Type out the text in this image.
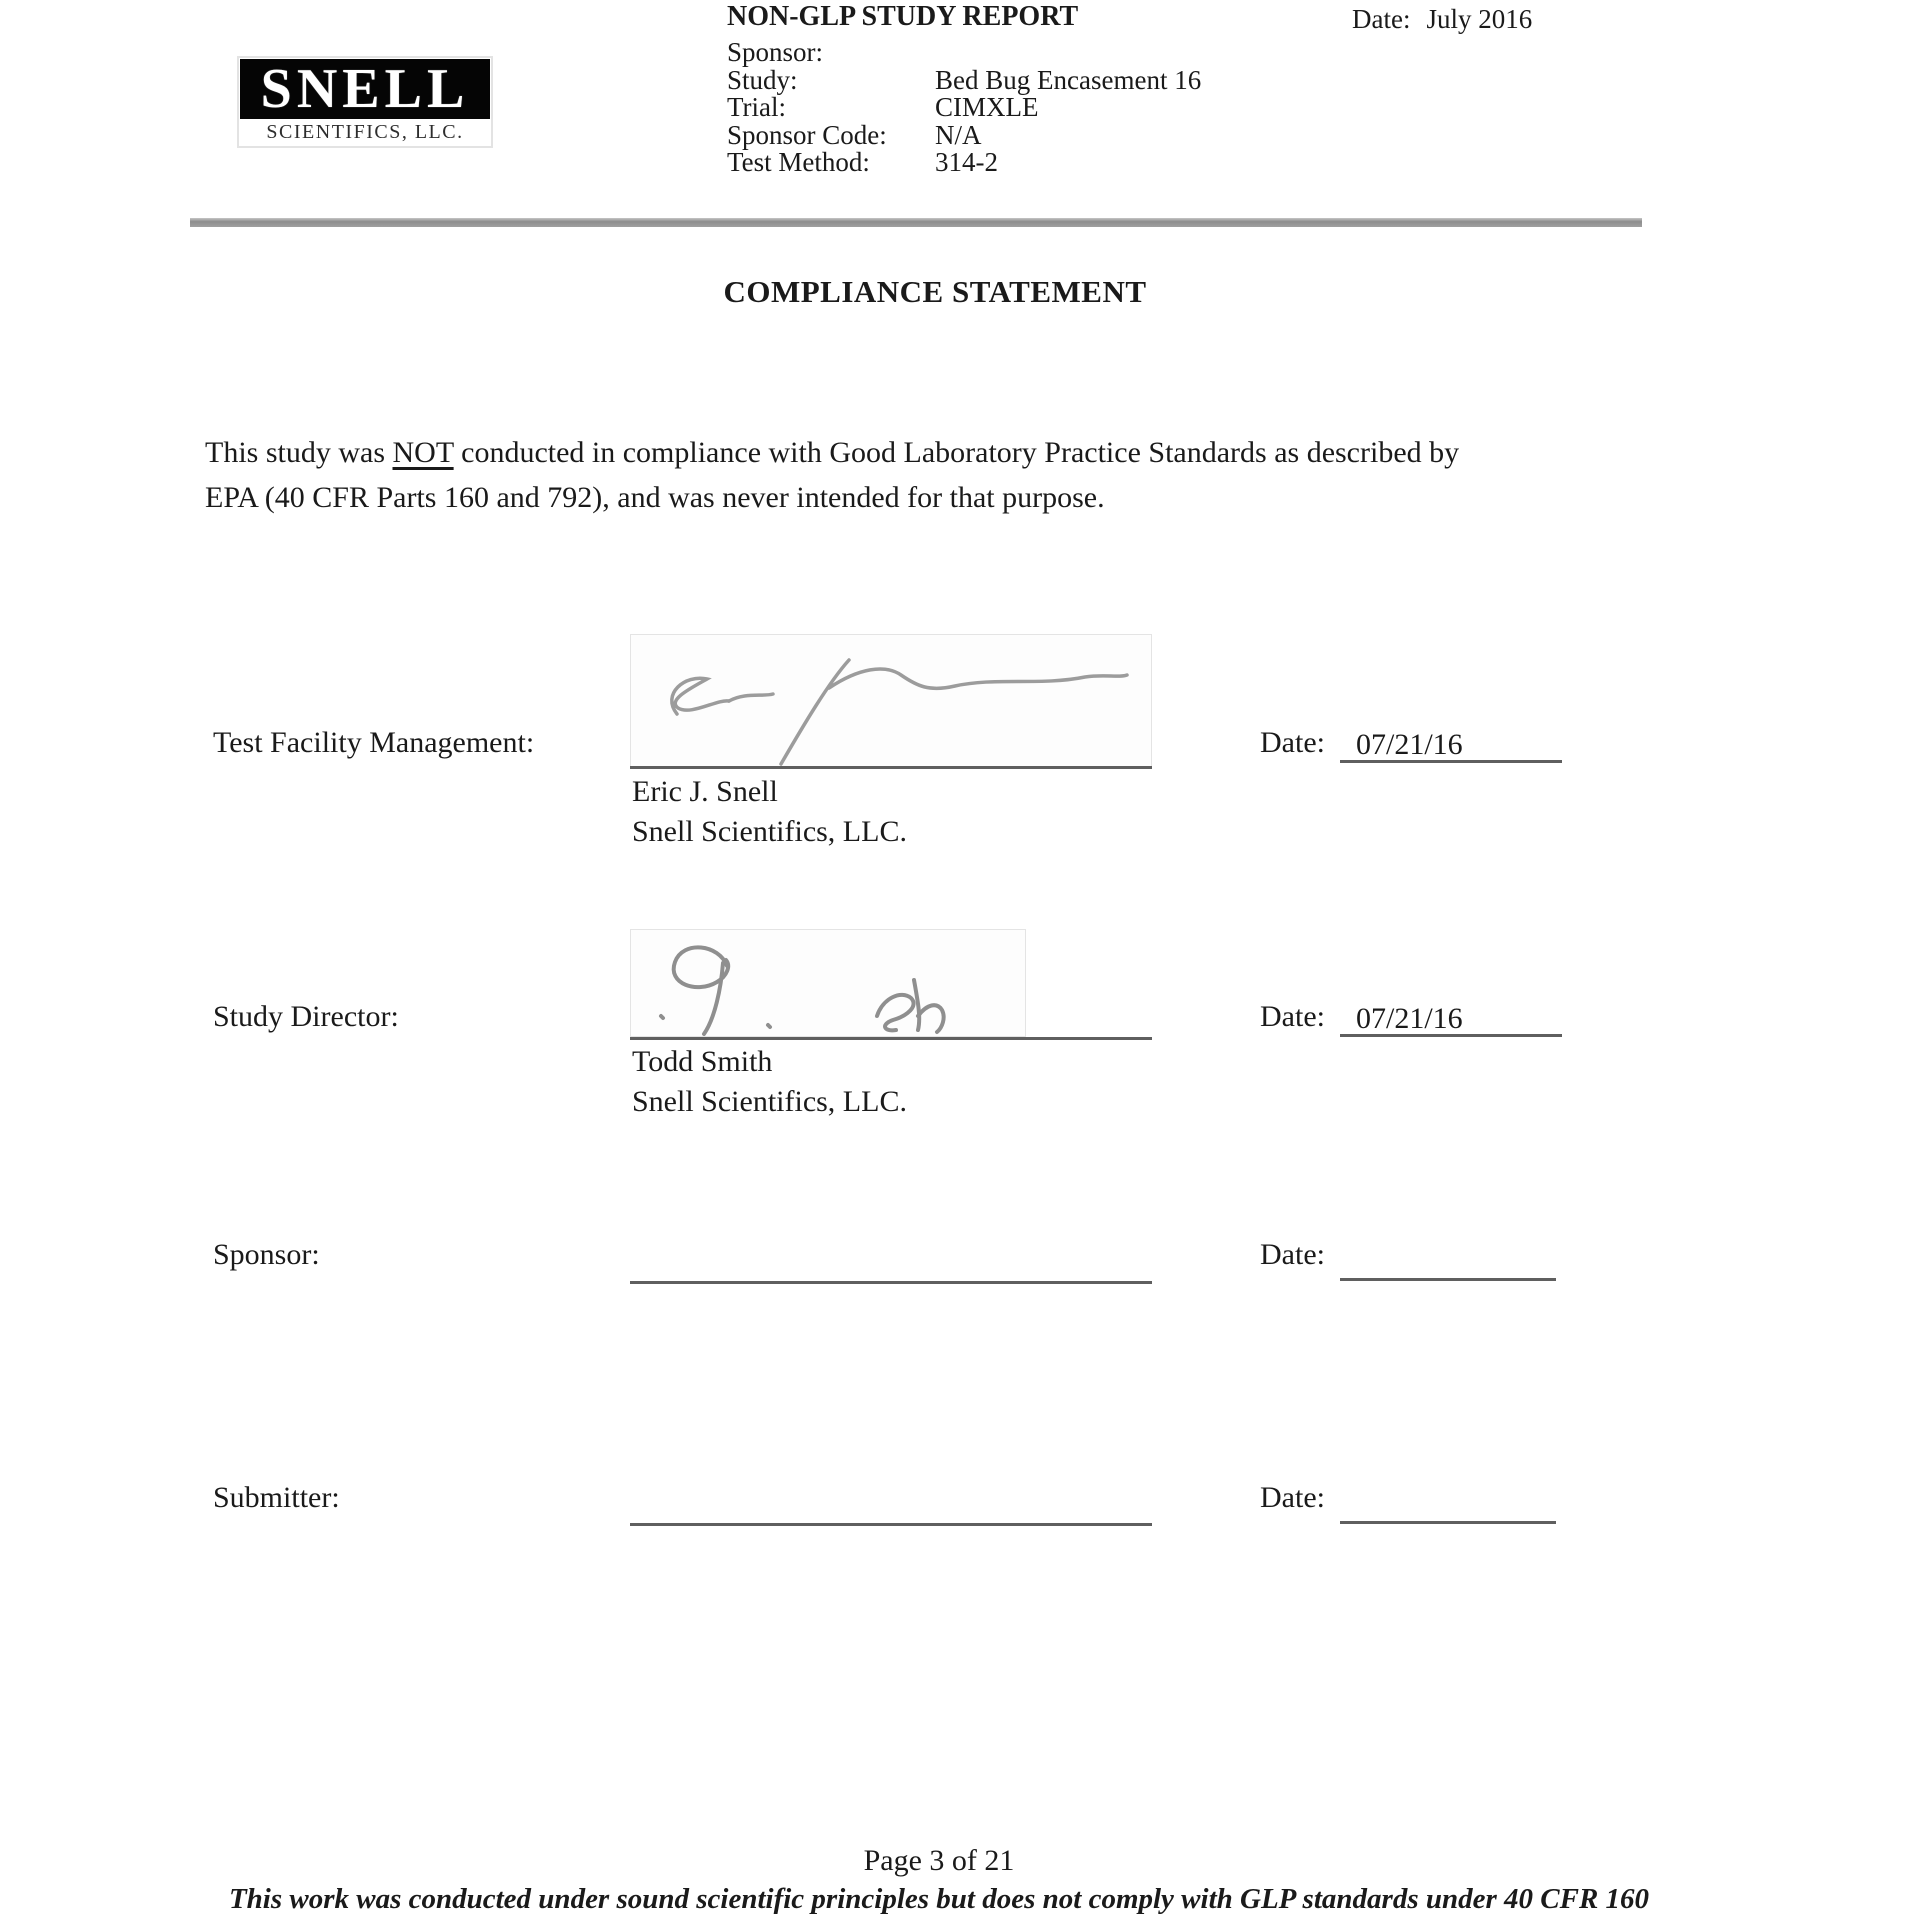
SNELL
SCIENTIFICS, LLC.
NON-GLP STUDY REPORT	Date: July 2016
Sponsor:
Study:	Bed Bug Encasement 16
Trial:	CIMXLE
Sponsor Code:	N/A
Test Method:	314-2
COMPLIANCE STATEMENT
This study was NOT conducted in compliance with Good Laboratory Practice Standards as described by
EPA (40 CFR Parts 160 and 792), and was never intended for that purpose.
Test Facility Management:	Date:	07/21/16
Eric J. Snell
Snell Scientifics, LLC.
Study Director:	Date:	07/21/16
Todd Smith
Snell Scientifics, LLC.
Sponsor:	Date:
Submitter:	Date:
Page 3 of 21
This work was conducted under sound scientific principles but does not comply with GLP standards under 40 CFR 160
